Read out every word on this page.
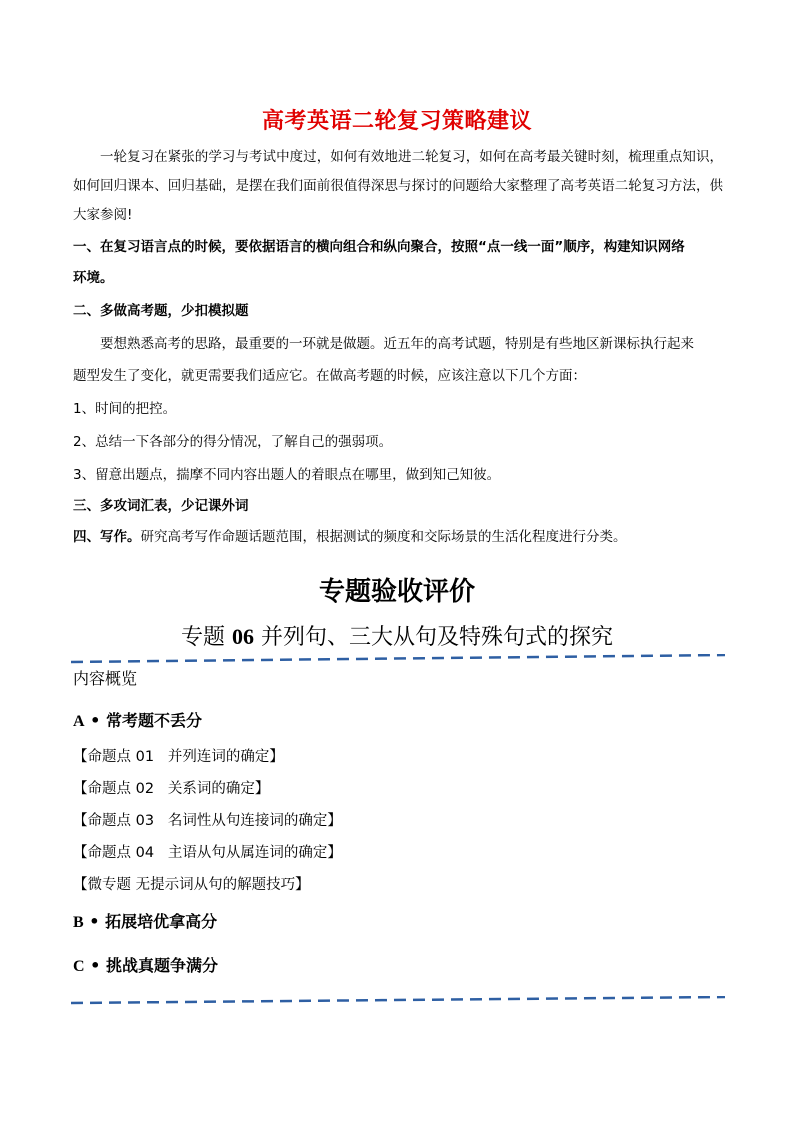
高考英语二轮复习策略建议
一轮复习在紧张的学习与考试中度过，如何有效地进二轮复习，如何在高考最关键时刻，梳理重点知识，如何回归课本、回归基础，是摆在我们面前很值得深思与探讨的问题给大家整理了高考英语二轮复习方法，供大家参阅!
一、在复习语言点的时候，要依据语言的横向组合和纵向聚合，按照“点一线一面”顺序，构建知识网络
环境。
二、多做高考题，少扣模拟题
要想熟悉高考的思路，最重要的一环就是做题。近五年的高考试题，特别是有些地区新课标执行起来
题型发生了变化，就更需要我们适应它。在做高考题的时候，应该注意以下几个方面：
1、时间的把控。
2、总结一下各部分的得分情况，了解自己的强弱项。
3、留意出题点，揣摩不同内容出题人的着眼点在哪里，做到知己知彼。
三、多攻词汇表，少记课外词
四、写作。研究高考写作命题话题范围，根据测试的频度和交际场景的生活化程度进行分类。
专题验收评价
专题 06 并列句、三大从句及特殊句式的探究
内容概览
A • 常考题不丢分
【命题点 01   并列连词的确定】
【命题点 02   关系词的确定】
【命题点 03   名词性从句连接词的确定】
【命题点 04   主语从句从属连词的确定】
【微专题 无提示词从句的解题技巧】
B • 拓展培优拿高分
C • 挑战真题争满分
